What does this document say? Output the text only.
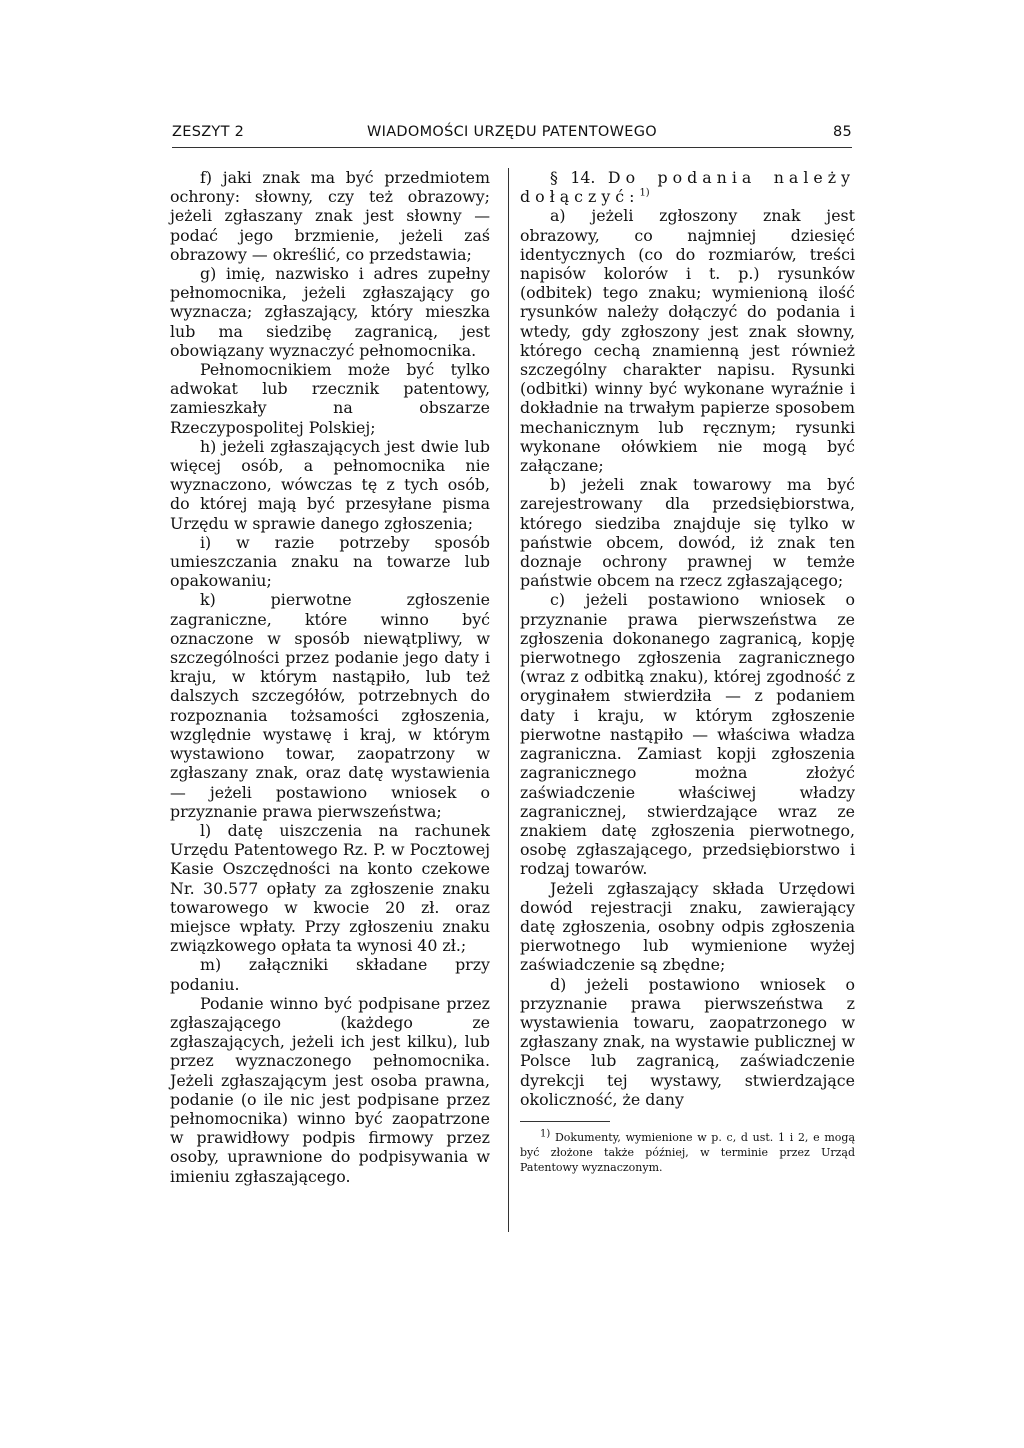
ZESZYT 2	WIADOMOŚCI URZĘDU PATENTOWEGO	85

f) jaki znak ma być przedmiotem ochrony: słowny, czy też obrazowy; jeżeli zgłaszany znak jest słowny — podać jego brzmienie, jeżeli zaś obrazowy — określić, co przedstawia;

g) imię, nazwisko i adres zupełny pełnomocnika, jeżeli zgłaszający go wyznacza; zgłaszający, który mieszka lub ma siedzibę zagranicą, jest obowiązany wyznaczyć pełnomocnika.

Pełnomocnikiem może być tylko adwokat lub rzecznik patentowy, zamieszkały na obszarze Rzeczypospolitej Polskiej;

h) jeżeli zgłaszających jest dwie lub więcej osób, a pełnomocnika nie wyznaczono, wówczas tę z tych osób, do której mają być przesyłane pisma Urzędu w sprawie danego zgłoszenia;

i) w razie potrzeby sposób umieszczania znaku na towarze lub opakowaniu;

k) pierwotne zgłoszenie zagraniczne, które winno być oznaczone w sposób niewątpliwy, w szczególności przez podanie jego daty i kraju, w którym nastąpiło, lub też dalszych szczegółów, potrzebnych do rozpoznania tożsamości zgłoszenia, względnie wystawę i kraj, w którym wystawiono towar, zaopatrzony w zgłaszany znak, oraz datę wystawienia— jeżeli postawiono wniosek o przyznanie prawa pierwszeństwa;

l) datę uiszczenia na rachunek Urzędu Patentowego Rz. P. w Pocztowej Kasie Oszczędności na konto czekowe Nr. 30.577 opłaty za zgłoszenie znaku towarowego w kwocie 20 zł. oraz miejsce wpłaty. Przy zgłoszeniu znaku związkowego opłata ta wynosi 40 zł.;

m) załączniki składane przy podaniu.

Podanie winno być podpisane przez zgłaszającego (każdego ze zgłaszających, jeżeli ich jest kilku), lub przez wyznaczonego pełnomocnika. Jeżeli zgłaszającym jest osoba prawna, podanie (o ile nic jest podpisane przez pełnomocnika) winno być zaopatrzone w prawidłowy podpis firmowy przez osoby, uprawnione do podpisywania w imieniu zgłaszającego.

§ 14. Do podania należy dołączyć:$^{1)}$

a) jeżeli zgłoszony znak jest obrazowy, co najmniej dziesięć identycznych (co do rozmiarów, treści napisów kolorów i t. p.) rysunków (odbitek) tego znaku; wymienioną ilość rysunków należy dołączyć do podania i wtedy, gdy zgłoszony jest znak słowny, którego cechą znamienną jest również szczególny charakter napisu. Rysunki (odbitki) winny być wykonane wyraźnie i dokładnie na trwałym papierze sposobem mechanicznym lub ręcznym; rysunki wykonane ołówkiem nie mogą być załączane;

b) jeżeli znak towarowy ma być zarejestrowany dla przedsiębiorstwa, którego siedziba znajduje się tylko w państwie obcem, dowód, iż znak ten doznaje ochrony prawnej w temże państwie obcem na rzecz zgłaszającego;

c) jeżeli postawiono wniosek o przyznanie prawa pierwszeństwa ze zgłoszenia dokonanego zagranicą, kopję pierwotnego zgłoszenia zagranicznego (wraz z odbitką znaku), której zgodność z oryginałem stwierdziła — z podaniem daty i kraju, w którym zgłoszenie pierwotne nastąpiło — właściwa władza zagraniczna. Zamiast kopji zgłoszenia zagranicznego można złożyć zaświadczenie właściwej władzy zagranicznej, stwierdzające wraz ze znakiem datę zgłoszenia pierwotnego, osobę zgłaszającego, przedsiębiorstwo i rodzaj towarów.

Jeżeli zgłaszający składa Urzędowi dowód rejestracji znaku, zawierający datę zgłoszenia, osobny odpis zgłoszenia pierwotnego lub wymienione wyżej zaświadczenie są zbędne;

d) jeżeli postawiono wniosek o przyznanie prawa pierwszeństwa z wystawienia towaru, zaopatrzonego w zgłaszany znak, na wystawie publicznej w Polsce lub zagranicą, zaświadczenie dyrekcji tej wystawy, stwierdzające okoliczność, że dany

$^{1)}$ Dokumenty, wymienione w p. c, d ust. 1 i 2, e mogą być złożone także później, w terminie przez Urząd Patentowy wyznaczonym.
